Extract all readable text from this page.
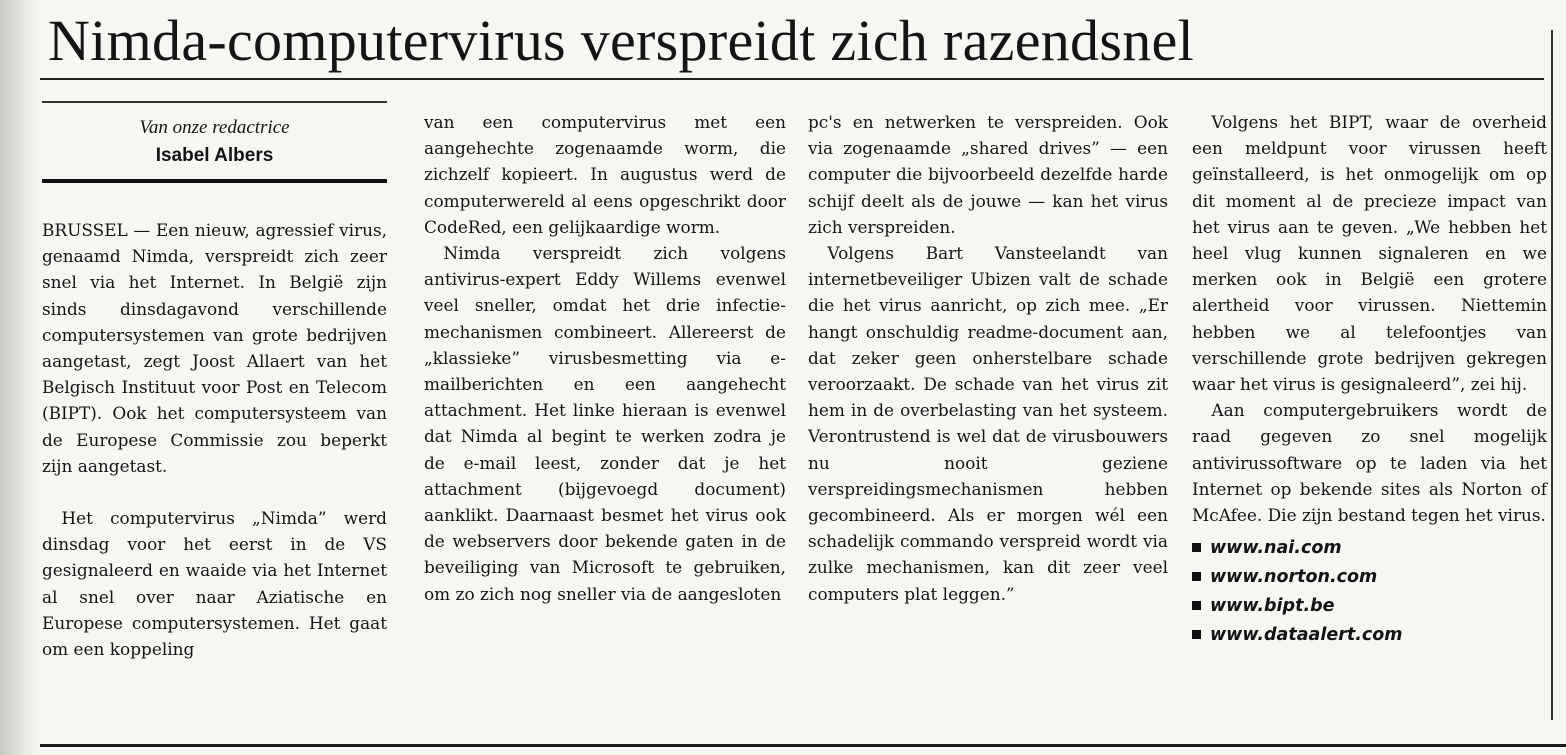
Nimda-computervirus verspreidt zich razendsnel
Van onze redactrice
Isabel Albers

BRUSSEL — Een nieuw, agressief virus, genaamd Nimda, verspreidt zich zeer snel via het Internet. In België zijn sinds dinsdagavond verschillende computersystemen van grote bedrijven aangetast, zegt Joost Allaert van het Belgisch Instituut voor Post en Telecom (BIPT). Ook het computersysteem van de Europese Commissie zou beperkt zijn aangetast.

Het computervirus „Nimda” werd dinsdag voor het eerst in de VS gesignaleerd en waaide via het Internet al snel over naar Aziatische en Europese computersystemen. Het gaat om een koppeling

van een computervirus met een aangehechte zogenaamde worm, die zichzelf kopieert. In augustus werd de computerwereld al eens opgeschrikt door CodeRed, een gelijkaardige worm.

Nimda verspreidt zich volgens antivirus-expert Eddy Willems evenwel veel sneller, omdat het drie infectie-mechanismen combineert. Allereerst de „klassieke” virusbesmetting via e-mailberichten en een aangehecht attachment. Het linke hieraan is evenwel dat Nimda al begint te werken zodra je de e-mail leest, zonder dat je het attachment (bijgevoegd document) aanklikt. Daarnaast besmet het virus ook de webservers door bekende gaten in de beveiliging van Microsoft te gebruiken, om zo zich nog sneller via de aangesloten

pc's en netwerken te verspreiden. Ook via zogenaamde „shared drives” — een computer die bijvoorbeeld dezelfde harde schijf deelt als de jouwe — kan het virus zich verspreiden.

Volgens Bart Vansteelandt van internetbeveiliger Ubizen valt de schade die het virus aanricht, op zich mee. „Er hangt onschuldig readme-document aan, dat zeker geen onherstelbare schade veroorzaakt. De schade van het virus zit hem in de overbelasting van het systeem. Verontrustend is wel dat de virusbouwers nu nooit geziene verspreidingsmechanismen hebben gecombineerd. Als er morgen wél een schadelijk commando verspreid wordt via zulke mechanismen, kan dit zeer veel computers plat leggen.”

Volgens het BIPT, waar de overheid een meldpunt voor virussen heeft geïnstalleerd, is het onmogelijk om op dit moment al de precieze impact van het virus aan te geven. „We hebben het heel vlug kunnen signaleren en we merken ook in België een grotere alertheid voor virussen. Niettemin hebben we al telefoontjes van verschillende grote bedrijven gekregen waar het virus is gesignaleerd”, zei hij.

Aan computergebruikers wordt de raad gegeven zo snel mogelijk antivirussoftware op te laden via het Internet op bekende sites als Norton of McAfee. Die zijn bestand tegen het virus.

www.nai.com
www.norton.com
www.bipt.be
www.dataalert.com
